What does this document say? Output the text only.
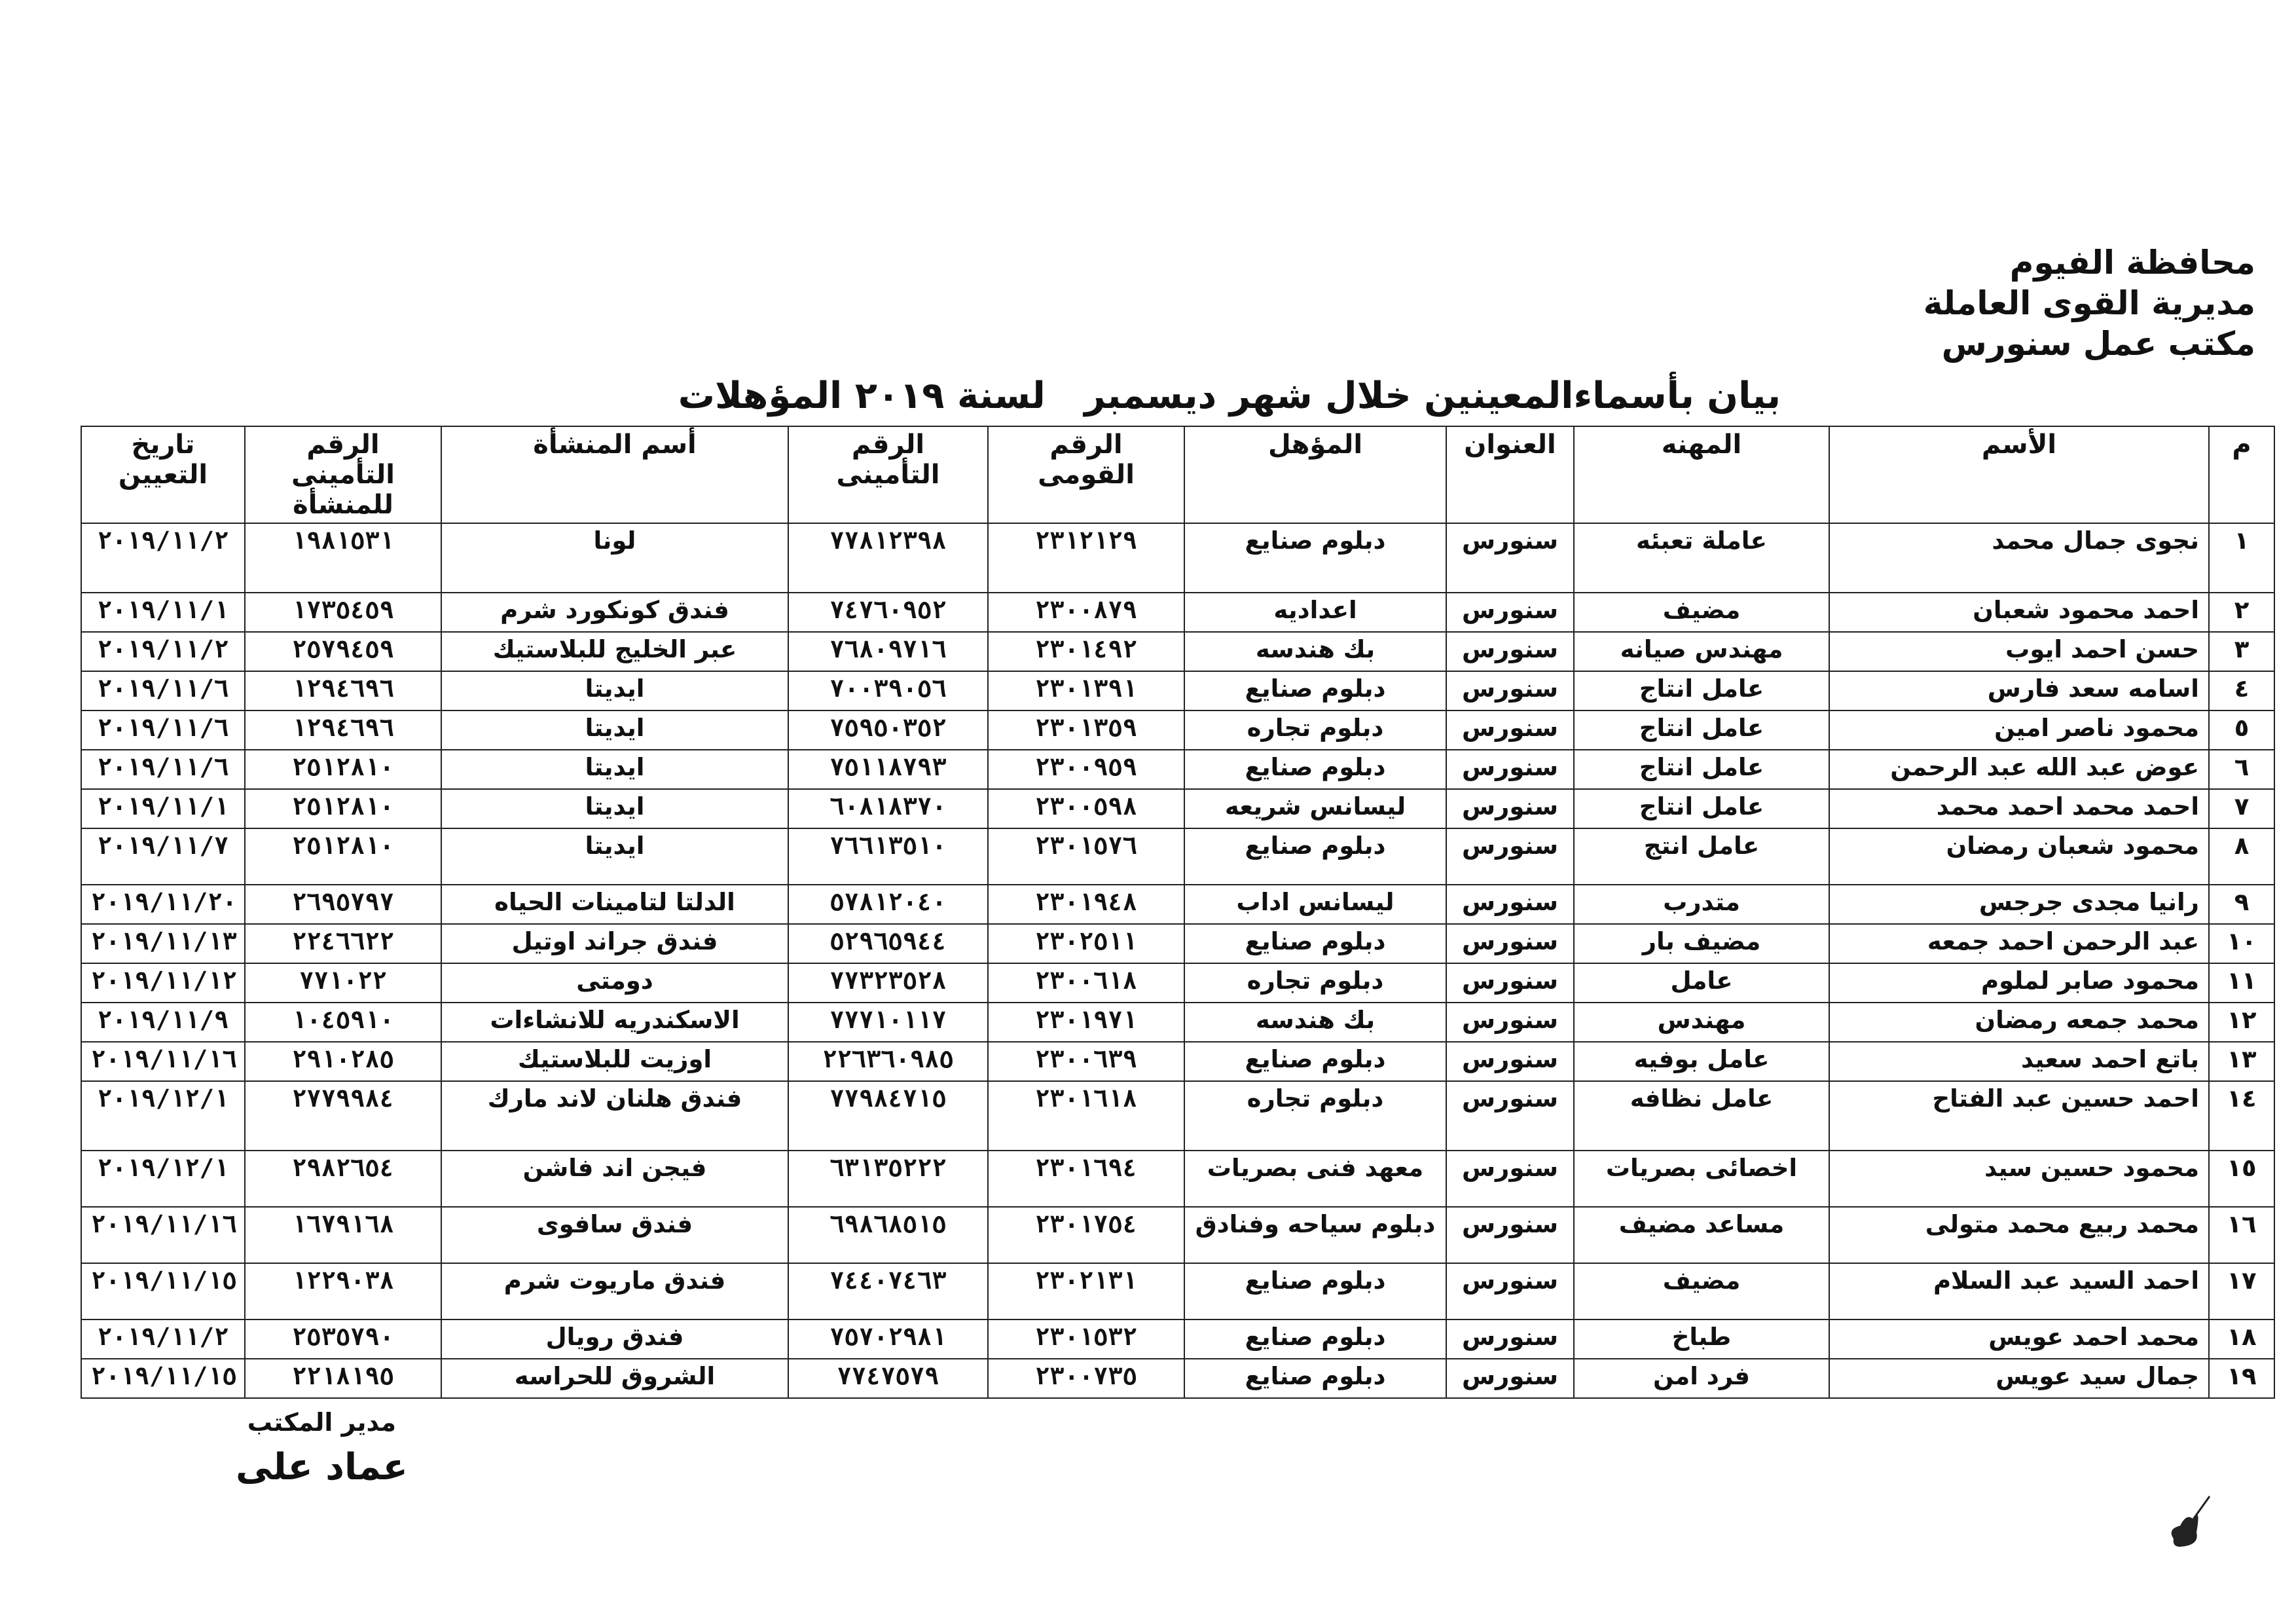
محافظة الفيوم
مديرية القوى العاملة
مكتب عمل سنورس
بيان بأسماءالمعينين خلال شهر ديسمبر لسنة ٢٠١٩ المؤهلات
م	الأسم	المهنه	العنوان	المؤهل	الرقم القومى	الرقم التأمينى	أسم المنشأة	الرقم التأمينى للمنشأة	تاريخ التعيين
١	نجوى جمال محمد	عاملة تعبئه	سنورس	دبلوم صنايع	٢٣١٢١٢٩	٧٧٨١٢٣٩٨	لونا	١٩٨١٥٣١	٢٠١٩/١١/٢
٢	احمد محمود شعبان	مضيف	سنورس	اعداديه	٢٣٠٠٨٧٩	٧٤٧٦٠٩٥٢	فندق كونكورد شرم	١٧٣٥٤٥٩	٢٠١٩/١١/١
٣	حسن احمد ايوب	مهندس صيانه	سنورس	بك هندسه	٢٣٠١٤٩٢	٧٦٨٠٩٧١٦	عبر الخليج للبلاستيك	٢٥٧٩٤٥٩	٢٠١٩/١١/٢
٤	اسامه سعد فارس	عامل انتاج	سنورس	دبلوم صنايع	٢٣٠١٣٩١	٧٠٠٣٩٠٥٦	ايديتا	١٢٩٤٦٩٦	٢٠١٩/١١/٦
٥	محمود ناصر امين	عامل انتاج	سنورس	دبلوم تجاره	٢٣٠١٣٥٩	٧٥٩٥٠٣٥٢	ايديتا	١٢٩٤٦٩٦	٢٠١٩/١١/٦
٦	عوض عبد الله عبد الرحمن	عامل انتاج	سنورس	دبلوم صنايع	٢٣٠٠٩٥٩	٧٥١١٨٧٩٣	ايديتا	٢٥١٢٨١٠	٢٠١٩/١١/٦
٧	احمد محمد احمد محمد	عامل انتاج	سنورس	ليسانس شريعه	٢٣٠٠٥٩٨	٦٠٨١٨٣٧٠	ايديتا	٢٥١٢٨١٠	٢٠١٩/١١/١
٨	محمود شعبان رمضان	عامل انتج	سنورس	دبلوم صنايع	٢٣٠١٥٧٦	٧٦٦١٣٥١٠	ايديتا	٢٥١٢٨١٠	٢٠١٩/١١/٧
٩	رانيا مجدى جرجس	متدرب	سنورس	ليسانس اداب	٢٣٠١٩٤٨	٥٧٨١٢٠٤٠	الدلتا لتامينات الحياه	٢٦٩٥٧٩٧	٢٠١٩/١١/٢٠
١٠	عبد الرحمن احمد جمعه	مضيف بار	سنورس	دبلوم صنايع	٢٣٠٢٥١١	٥٢٩٦٥٩٤٤	فندق جراند اوتيل	٢٢٤٦٦٢٢	٢٠١٩/١١/١٣
١١	محمود صابر لملوم	عامل	سنورس	دبلوم تجاره	٢٣٠٠٦١٨	٧٧٣٢٣٥٢٨	دومتى	٧٧١٠٢٢	٢٠١٩/١١/١٢
١٢	محمد جمعه رمضان	مهندس	سنورس	بك هندسه	٢٣٠١٩٧١	٧٧٧١٠١١٧	الاسكندريه للانشاءات	١٠٤٥٩١٠	٢٠١٩/١١/٩
١٣	باتع احمد سعيد	عامل بوفيه	سنورس	دبلوم صنايع	٢٣٠٠٦٣٩	٢٢٦٣٦٠٩٨٥	اوزيت للبلاستيك	٢٩١٠٢٨٥	٢٠١٩/١١/١٦
١٤	احمد حسين عبد الفتاح	عامل نظافه	سنورس	دبلوم تجاره	٢٣٠١٦١٨	٧٧٩٨٤٧١٥	فندق هلنان لاند مارك	٢٧٧٩٩٨٤	٢٠١٩/١٢/١
١٥	محمود حسين سيد	اخصائى بصريات	سنورس	معهد فنى بصريات	٢٣٠١٦٩٤	٦٣١٣٥٢٢٢	فيجن اند فاشن	٢٩٨٢٦٥٤	٢٠١٩/١٢/١
١٦	محمد ربيع محمد متولى	مساعد مضيف	سنورس	دبلوم سياحه وفنادق	٢٣٠١٧٥٤	٦٩٨٦٨٥١٥	فندق سافوى	١٦٧٩١٦٨	٢٠١٩/١١/١٦
١٧	احمد السيد عبد السلام	مضيف	سنورس	دبلوم صنايع	٢٣٠٢١٣١	٧٤٤٠٧٤٦٣	فندق ماريوت شرم	١٢٢٩٠٣٨	٢٠١٩/١١/١٥
١٨	محمد احمد عويس	طباخ	سنورس	دبلوم صنايع	٢٣٠١٥٣٢	٧٥٧٠٢٩٨١	فندق رويال	٢٥٣٥٧٩٠	٢٠١٩/١١/٢
١٩	جمال سيد عويس	فرد امن	سنورس	دبلوم صنايع	٢٣٠٠٧٣٥	٧٧٤٧٥٧٩	الشروق للحراسه	٢٢١٨١٩٥	٢٠١٩/١١/١٥
مدير المكتب
عماد على
